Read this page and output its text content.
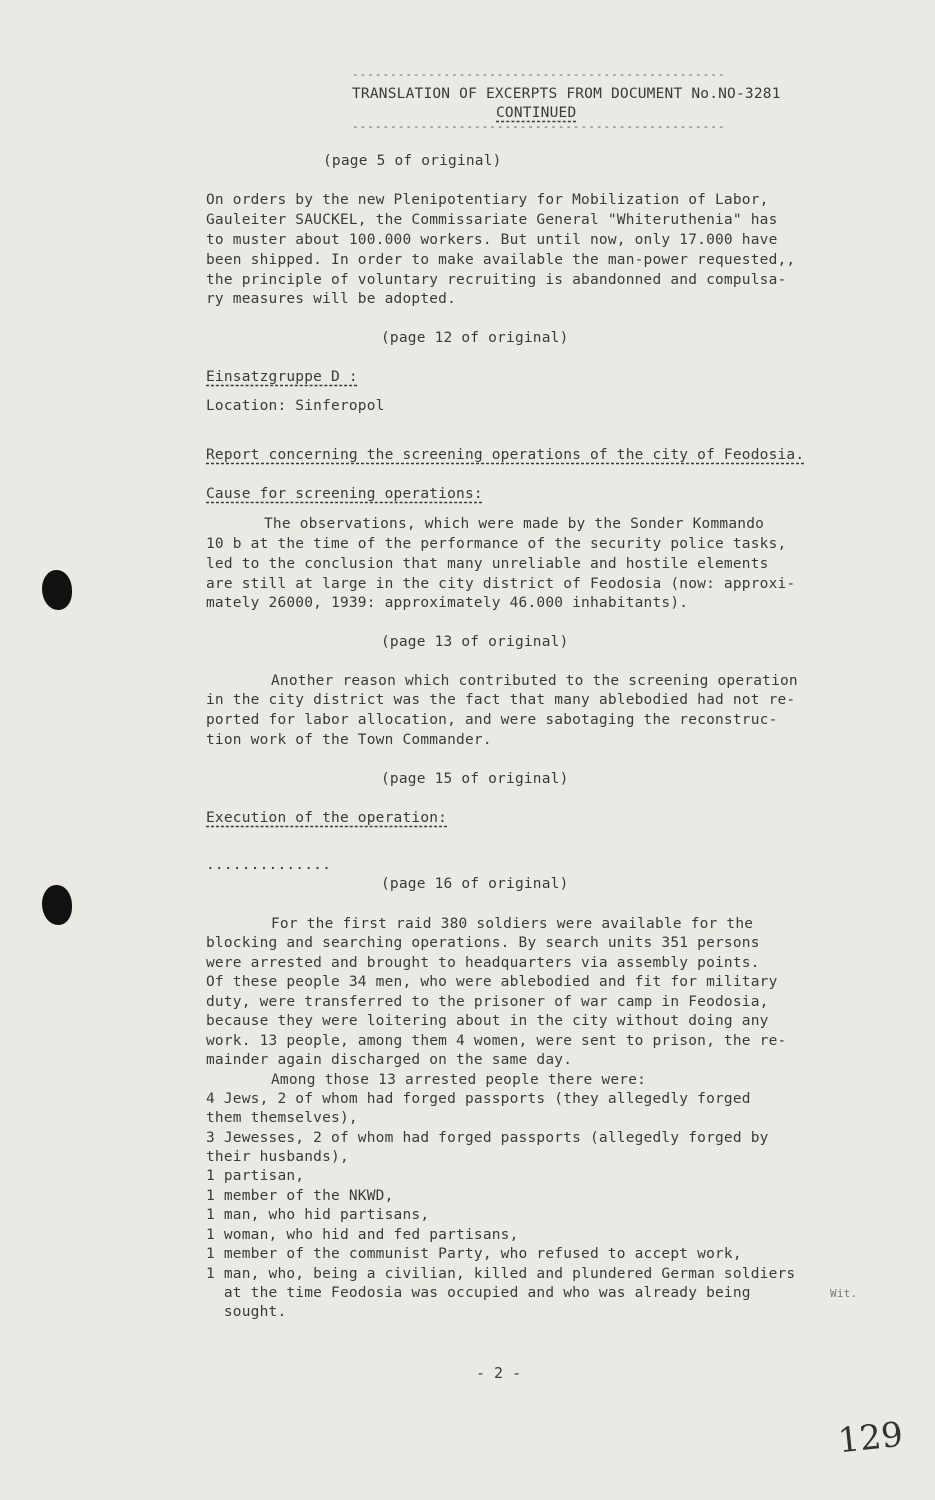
-------------------------------------------------
TRANSLATION OF EXCERPTS FROM DOCUMENT No.NO-3281
CONTINUED
-------------------------------------------------
(page 5 of original)
On orders by the new Plenipotentiary for Mobilization of Labor,
Gauleiter SAUCKEL, the Commissariate General "Whiteruthenia" has
to muster about 100.000 workers. But until now, only 17.000 have
been shipped. In order to make available the man-power requested,,
the principle of voluntary recruiting is abandonned and compulsa-
ry measures will be adopted.
(page 12 of original)
Einsatzgruppe D :
Location: Sinferopol
Report concerning the screening operations of the city of Feodosia.
Cause for screening operations:
The observations, which were made by the Sonder Kommando
10 b at the time of the performance of the security police tasks,
led to the conclusion that many unreliable and hostile elements
are still at large in the city district of Feodosia (now: approxi-
mately 26000, 1939: approximately 46.000 inhabitants).
(page 13 of original)
Another reason which contributed to the screening operation
in the city district was the fact that many ablebodied had not re-
ported for labor allocation, and were sabotaging the reconstruc-
tion work of the Town Commander.
(page 15 of original)
Execution of the operation:
..............
(page 16 of original)
For the first raid 380 soldiers were available for the
blocking and searching operations. By search units 351 persons
were arrested and brought to headquarters via assembly points.
Of these people 34 men, who were ablebodied and fit for military
duty, were transferred to the prisoner of war camp in Feodosia,
because they were loitering about in the city without doing any
work. 13 people, among them 4 women, were sent to prison, the re-
mainder again discharged on the same day.
Among those 13 arrested people there were:
4 Jews, 2 of whom had forged passports (they allegedly forged
them themselves),
3 Jewesses, 2 of whom had forged passports (allegedly forged by
their husbands),
1 partisan,
1 member of the NKWD,
1 man, who hid partisans,
1 woman, who hid and fed partisans,
1 member of the communist Party, who refused to accept work,
1 man, who, being a civilian, killed and plundered German soldiers
at the time Feodosia was occupied and who was already being
sought.
Wit.
- 2 -
129
